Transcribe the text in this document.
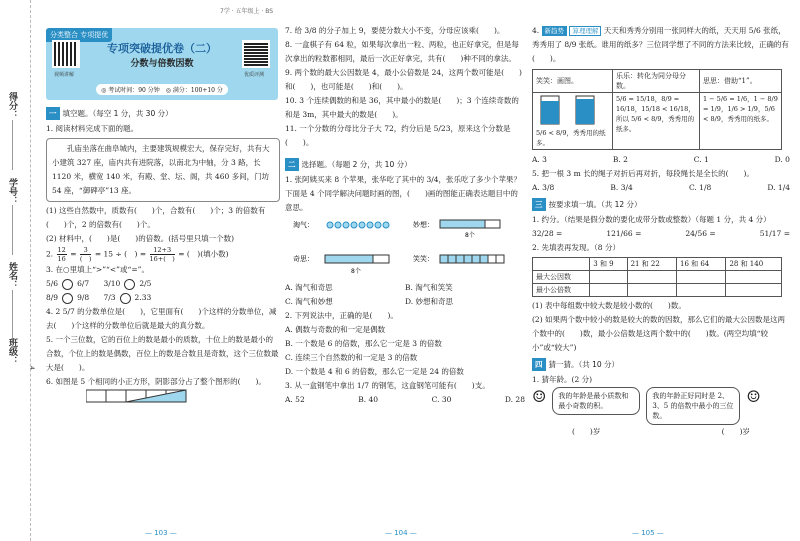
得分：
学号：
姓名：
班级：
4
7学 · 五年级上 · BS
分类整合 专项提优
视频讲解	优质评测
专项突破提优卷（二）
分数与倍数因数
◎ 考试时间：90 分钟　◎ 满分：100+10 分
一 填空题。（每空 1 分，共 30 分）
1. 阅读材料完成下面的题。
　　孔庙坐落在曲阜城内，主要建筑规模宏大，保存完好，共有大小建筑 327 座，庙内共有进院落，以南北为中轴，分 3 路，长 1120 米，横宽 140 米，有殿、堂、坛、阁，共 460 多间，门坊 54 座，“御碑亭”13 座。
(1) 这些自然数中，质数有(　　)个，合数有(　　)个；3 的倍数有(　　)个，2 的倍数有(　　)个。
(2) 材料中，(　　)是(　　)的倍数。(括号里只填一个数)
2. $\frac{12}{16} = \frac{3}{( )} = 15$ ÷ (　) = $\frac{12+3}{16+( )}$ = (　)(填小数)
3. 在○里填上“>”“<”或“=”。
5/6	6/7 3/10	2/5
8/9	9/8 7/3	2.33
4. 2 5/7 的分数单位是(　　)，它里面有(　　)个这样的分数单位，减去(　　)个这样的分数单位后就是最大的真分数。
5. 一个三位数，它的百位上的数是最小的质数，十位上的数是最小的合数，个位上的数是偶数，百位上的数是合数且是奇数，这个三位数最大是(　　)。
6. 如图是 5 个相同的小正方形，阴影部分占了整个图形的(　　)。
7. 给 3/8 的分子加上 9，要使分数大小不变，分母应该乘(　　)。
8. 一盒棋子有 64 粒，如果每次拿出一粒、两粒，也正好拿完，但是每次拿出的粒数都相同，最后一次正好拿完，共有(　　)种不同的拿法。
9. 两个数的最大公因数是 4，最小公倍数是 24，这两个数可能是(　　)和(　　)，也可能是(　　)和(　　)。
10. 3 个连续偶数的和是 36，其中最小的数是(　　)；3 个连续奇数的和是 3m，其中最大的数是(　　)。
11. 一个分数的分母比分子大 72，约分后是 5/23，原来这个分数是(　　)。
二 选择题。（每题 2 分，共 10 分）
1. 张阿姨买来 8 个苹果，张华吃了其中的 3/4，张乐吃了多少个苹果？下面是 4 个同学解决问题时画的图，(　　)画的图能正确表达题目中的意思。
淘气：	妙想：
8个
奇思：
8个
笑笑：
A. 淘气和奇思	B. 淘气和笑笑
C. 淘气和妙想	D. 妙想和奇思
2. 下列说法中，正确的是(　　)。
A. 偶数与奇数的和一定是偶数
B. 一个数是 6 的倍数，那么它一定是 3 的倍数
C. 连续三个自然数的和一定是 3 的倍数
D. 一个数是 4 和 6 的倍数，那么它一定是 24 的倍数
3. 从一盒钢笔中拿出 1/7 的钢笔，这盒钢笔可能有(　　)支。
A. 52	B. 40	C. 30	D. 28
4. 新趋势 算理理解 天天和秀秀分别用一张同样大的纸，天天用 5/6 张纸，秀秀用了 8/9 张纸。谁用的纸多？三位同学想了不同的方法来比较，正确的有(　　)。
笑笑：画图。	乐乐：转化为同分母分数。	思思：借助“1”。

5/6 < 8/9，秀秀用的纸多。	5/6 = 15/18，8/9 = 16/18，15/18 < 16/18，所以 5/6 < 8/9，秀秀用的纸多。	1 − 5/6 = 1/6，1 − 8/9 = 1/9，1/6 > 1/9，5/6 < 8/9，秀秀用的纸多。
A. 3	B. 2	C. 1	D. 0
5. 把一根 3 m 长的绳子对折后再对折，每段绳长是全长的(　　)。
A. 3/8	B. 3/4	C. 1/8	D. 1/4
三 按要求填一填。（共 12 分）
1. 约分。（结果是假分数的要化成带分数或整数）（每题 1 分，共 4 分）
32/28 =	121/66 =	24/56 =	51/17 =
2. 先填表再发现。（8 分）
	3 和 9	21 和 22	16 和 64	28 和 140
最大公因数				
最小公倍数				
(1) 表中每组数中较大数是较小数的(　　)数。
(2) 如果两个数中较小的数是较大的数的因数，那么它们的最大公因数是这两个数中的(　　)数，最小公倍数是这两个数中的(　　)数。(两空均填“较小”或“较大”)
四 猜一猜。（共 10 分）
1. 猜年龄。(2 分)
☺	我的年龄是最小质数和最小奇数的积。
我的年龄正好同时是 2、3、5 的倍数中最小的三位数。
☺
(　　)岁	(　　)岁
— 103 —	— 104 —	— 105 —
